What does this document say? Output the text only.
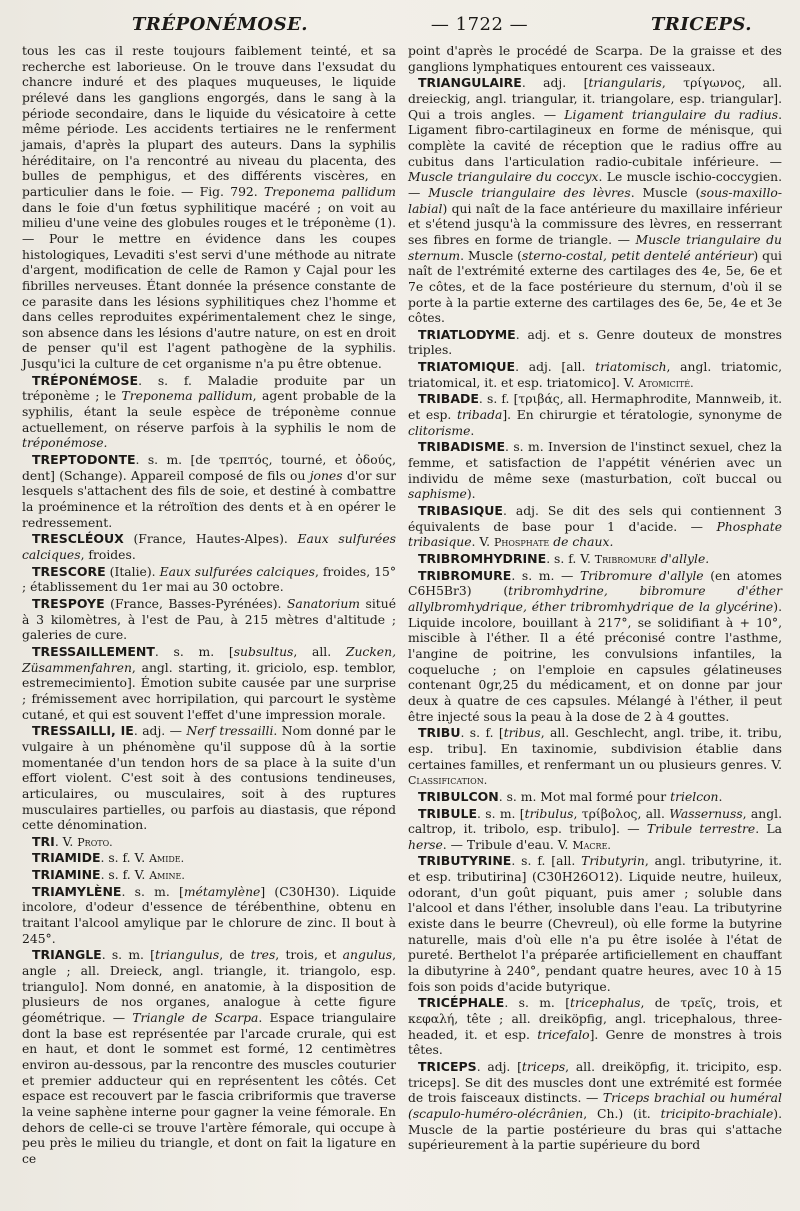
TRÉPONÉMOSE.	— 1722 —	TRICEPS.

tous les cas il reste toujours faiblement teinté, et sa recherche est laborieuse. On le trouve dans l'exsudat du chancre induré et des plaques muqueuses, le liquide prélevé dans les ganglions engorgés, dans le sang à la période secondaire, dans le liquide du vésicatoire à cette même période. Les accidents tertiaires ne le renferment jamais, d'après la plupart des auteurs. Dans la syphilis héréditaire, on l'a rencontré au niveau du placenta, des bulles de pemphigus, et des différents viscères, en particulier dans le foie. — Fig. 792. Treponema pallidum dans le foie d'un fœtus syphilitique macéré ; on voit au milieu d'une veine des globules rouges et le tréponème (1). — Pour le mettre en évidence dans les coupes histologiques, Levaditi s'est servi d'une méthode au nitrate d'argent, modification de celle de Ramon y Cajal pour les fibrilles nerveuses. Étant donnée la présence constante de ce parasite dans les lésions syphilitiques chez l'homme et dans celles reproduites expérimentalement chez le singe, son absence dans les lésions d'autre nature, on est en droit de penser qu'il est l'agent pathogène de la syphilis. Jusqu'ici la culture de cet organisme n'a pu être obtenue.

TRÉPONÉMOSE. s. f. Maladie produite par un tréponème ; le Treponema pallidum, agent probable de la syphilis, étant la seule espèce de tréponème connue actuellement, on réserve parfois à la syphilis le nom de tréponémose.

TREPTODONTE. s. m. [de τρεπτός, tourné, et ὀδούς, dent] (Schange). Appareil composé de fils ou jones d'or sur lesquels s'attachent des fils de soie, et destiné à combattre la proéminence et la rétroïtion des dents et à en opérer le redressement.

TRESCLÉOUX (France, Hautes-Alpes). Eaux sulfurées calciques, froides.

TRESCORE (Italie). Eaux sulfurées calciques, froides, 15° ; établissement du 1er mai au 30 octobre.

TRESPOYE (France, Basses-Pyrénées). Sanatorium situé à 3 kilomètres, à l'est de Pau, à 215 mètres d'altitude ; galeries de cure.

TRESSAILLEMENT. s. m. [subsultus, all. Zucken, Züsammenfahren, angl. starting, it. griciolo, esp. temblor, estremecimiento]. Émotion subite causée par une surprise ; frémissement avec horripilation, qui parcourt le système cutané, et qui est souvent l'effet d'une impression morale.

TRESSAILLI, IE. adj. — Nerf tressailli. Nom donné par le vulgaire à un phénomène qu'il suppose dû à la sortie momentanée d'un tendon hors de sa place à la suite d'un effort violent. C'est soit à des contusions tendineuses, articulaires, ou musculaires, soit à des ruptures musculaires partielles, ou parfois au diastasis, que répond cette dénomination.

TRI. V. Proto.

TRIAMIDE. s. f. V. Amide.

TRIAMINE. s. f. V. Amine.

TRIAMYLÈNE. s. m. [métamylène] (C30H30). Liquide incolore, d'odeur d'essence de térébenthine, obtenu en traitant l'alcool amylique par le chlorure de zinc. Il bout à 245°.

TRIANGLE. s. m. [triangulus, de tres, trois, et angulus, angle ; all. Dreieck, angl. triangle, it. triangolo, esp. triangulo]. Nom donné, en anatomie, à la disposition de plusieurs de nos organes, analogue à cette figure géométrique. — Triangle de Scarpa. Espace triangulaire dont la base est représentée par l'arcade crurale, qui est en haut, et dont le sommet est formé, 12 centimètres environ au-dessous, par la rencontre des muscles couturier et premier adducteur qui en représentent les côtés. Cet espace est recouvert par le fascia cribriformis que traverse la veine saphène interne pour gagner la veine fémorale. En dehors de celle-ci se trouve l'artère fémorale, qui occupe à peu près le milieu du triangle, et dont on fait la ligature en ce

point d'après le procédé de Scarpa. De la graisse et des ganglions lymphatiques entourent ces vaisseaux.

TRIANGULAIRE. adj. [triangularis, τρίγωνος, all. dreieckig, angl. triangular, it. triangolare, esp. triangular]. Qui a trois angles. — Ligament triangulaire du radius. Ligament fibro-cartilagineux en forme de ménisque, qui complète la cavité de réception que le radius offre au cubitus dans l'articulation radio-cubitale inférieure. — Muscle triangulaire du coccyx. Le muscle ischio-coccygien. — Muscle triangulaire des lèvres. Muscle (sous-maxillo-labial) qui naît de la face antérieure du maxillaire inférieur et s'étend jusqu'à la commissure des lèvres, en resserrant ses fibres en forme de triangle. — Muscle triangulaire du sternum. Muscle (sterno-costal, petit dentelé antérieur) qui naît de l'extrémité externe des cartilages des 4e, 5e, 6e et 7e côtes, et de la face postérieure du sternum, d'où il se porte à la partie externe des cartilages des 6e, 5e, 4e et 3e côtes.

TRIATLODYME. adj. et s. Genre douteux de monstres triples.

TRIATOMIQUE. adj. [all. triatomisch, angl. triatomic, triatomical, it. et esp. triatomico]. V. Atomicité.

TRIBADE. s. f. [τριβάς, all. Hermaphrodite, Mannweib, it. et esp. tribada]. En chirurgie et tératologie, synonyme de clitorisme.

TRIBADISME. s. m. Inversion de l'instinct sexuel, chez la femme, et satisfaction de l'appétit vénérien avec un individu de même sexe (masturbation, coït buccal ou saphisme).

TRIBASIQUE. adj. Se dit des sels qui contiennent 3 équivalents de base pour 1 d'acide. — Phosphate tribasique. V. Phosphate de chaux.

TRIBROMHYDRINE. s. f. V. Tribromure d'allyle.

TRIBROMURE. s. m. — Tribromure d'allyle (en atomes C6H5Br3) (tribromhydrine, bibromure d'éther allylbromhydrique, éther tribromhydrique de la glycérine). Liquide incolore, bouillant à 217°, se solidifiant à + 10°, miscible à l'éther. Il a été préconisé contre l'asthme, l'angine de poitrine, les convulsions infantiles, la coqueluche ; on l'emploie en capsules gélatineuses contenant 0gr,25 du médicament, et on donne par jour deux à quatre de ces capsules. Mélangé à l'éther, il peut être injecté sous la peau à la dose de 2 à 4 gouttes.

TRIBU. s. f. [tribus, all. Geschlecht, angl. tribe, it. tribu, esp. tribu]. En taxinomie, subdivision établie dans certaines familles, et renfermant un ou plusieurs genres. V. Classification.

TRIBULCON. s. m. Mot mal formé pour trielcon.

TRIBULE. s. m. [tribulus, τρίβολος, all. Wassernuss, angl. caltrop, it. tribolo, esp. tribulo]. — Tribule terrestre. La herse. — Tribule d'eau. V. Macre.

TRIBUTYRINE. s. f. [all. Tributyrin, angl. tributyrine, it. et esp. tributirina] (C30H26O12). Liquide neutre, huileux, odorant, d'un goût piquant, puis amer ; soluble dans l'alcool et dans l'éther, insoluble dans l'eau. La tributyrine existe dans le beurre (Chevreul), où elle forme la butyrine naturelle, mais d'où elle n'a pu être isolée à l'état de pureté. Berthelot l'a préparée artificiellement en chauffant la dibutyrine à 240°, pendant quatre heures, avec 10 à 15 fois son poids d'acide butyrique.

TRICÉPHALE. s. m. [tricephalus, de τρεῖς, trois, et κεφαλή, tête ; all. dreiköpfig, angl. tricephalous, three-headed, it. et esp. tricefalo]. Genre de monstres à trois têtes.

TRICEPS. adj. [triceps, all. dreiköpfig, it. tricipito, esp. triceps]. Se dit des muscles dont une extrémité est formée de trois faisceaux distincts. — Triceps brachial ou huméral (scapulo-huméro-olécrânien, Ch.) (it. tricipito-brachiale). Muscle de la partie postérieure du bras qui s'attache supérieurement à la partie supérieure du bord
